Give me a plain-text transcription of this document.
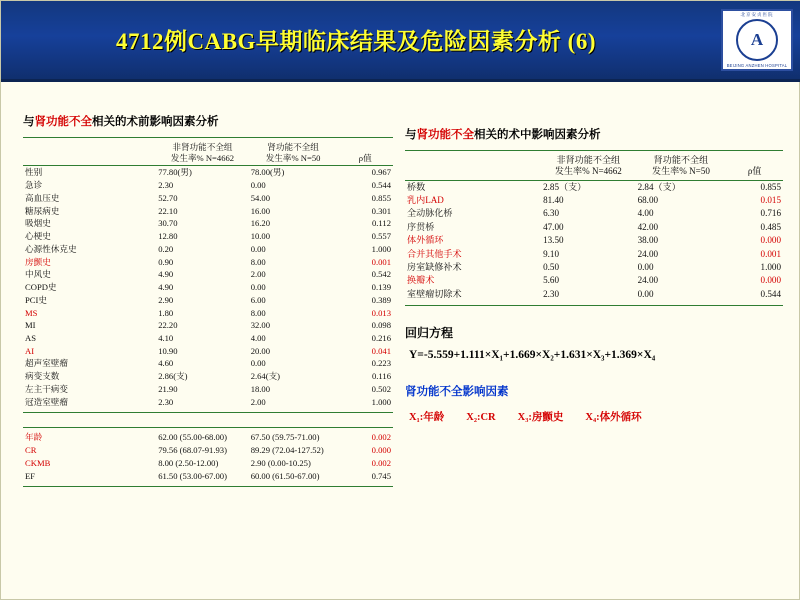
4712例CABG早期临床结果及危险因素分析 (6)
北京安贞医院
A
BEIJING ANZHEN HOSPITAL
与肾功能不全相关的术前影响因素分析

非肾功能不全组
发生率% N=4662

肾功能不全组
发生率% N=50	ρ值
性别	77.80(男)	78.00(男)	0.967
急诊	2.30	0.00	0.544
高血压史	52.70	54.00	0.855
糖尿病史	22.10	16.00	0.301
吸烟史	30.70	16.20	0.112
心梗史	12.80	10.00	0.557
心源性休克史	0.20	0.00	1.000
房颤史	0.90	8.00	0.001
中风史	4.90	2.00	0.542
COPD史	4.90	0.00	0.139
PCI史	2.90	6.00	0.389
MS	1.80	8.00	0.013
MI	22.20	32.00	0.098
AS	4.10	4.00	0.216
AI	10.90	20.00	0.041
超声室壁瘤	4.60	0.00	0.223
病变支数	2.86(支)	2.64(支)	0.116
左主干病变	21.90	18.00	0.502
冠造室壁瘤	2.30	2.00	1.000
年龄	62.00 (55.00-68.00)	67.50 (59.75-71.00)	0.002
CR	79.56 (68.07-91.93)	89.29 (72.04-127.52)	0.000
CKMB	8.00 (2.50-12.00)	2.90 (0.00-10.25)	0.002
EF	61.50 (53.00-67.00)	60.00 (61.50-67.00)	0.745
与肾功能不全相关的术中影响因素分析

非肾功能不全组
发生率% N=4662

肾功能不全组
发生率% N=50	ρ值
桥数	2.85（支）	2.84（支）	0.855
乳内LAD	81.40	68.00	0.015
全动脉化桥	6.30	4.00	0.716
序贯桥	47.00	42.00	0.485
体外循环	13.50	38.00	0.000
合并其他手术	9.10	24.00	0.001
房室缺修补术	0.50	0.00	1.000
换瓣术	5.60	24.00	0.000
室壁瘤切除术	2.30	0.00	0.544
回归方程
Y=-5.559+1.111×X₁+1.669×X₂+1.631×X₃+1.369×X₄
肾功能不全影响因素
X₁:年龄 X₂:CR X₃:房颤史 X₄:体外循环
